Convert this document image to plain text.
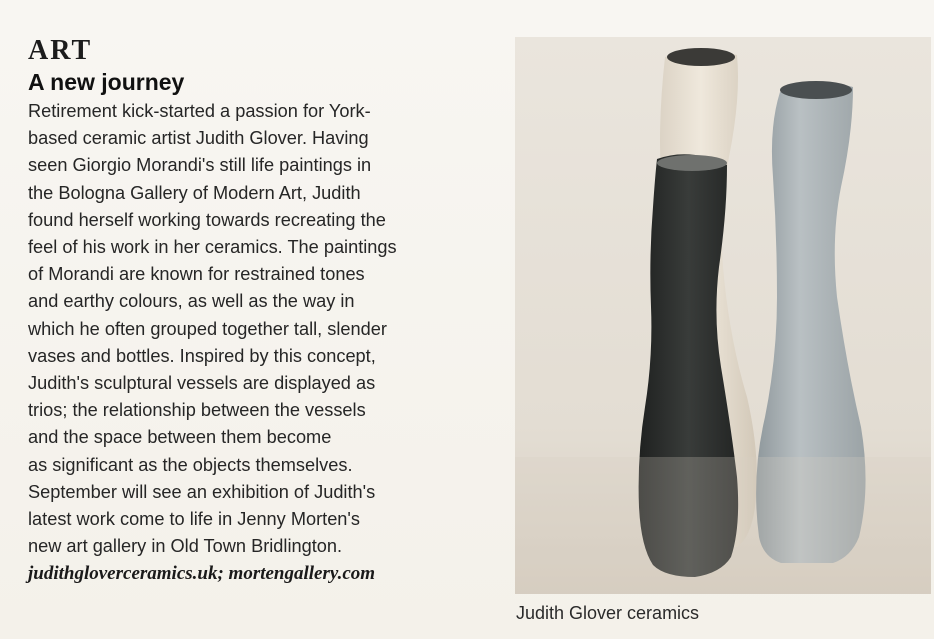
ART
A new journey
Retirement kick-started a passion for York-
based ceramic artist Judith Glover. Having
seen Giorgio Morandi's still life paintings in
the Bologna Gallery of Modern Art, Judith
found herself working towards recreating the
feel of his work in her ceramics. The paintings
of Morandi are known for restrained tones
and earthy colours, as well as the way in
which he often grouped together tall, slender
vases and bottles. Inspired by this concept,
Judith's sculptural vessels are displayed as
trios; the relationship between the vessels
and the space between them become
as significant as the objects themselves.
September will see an exhibition of Judith's
latest work come to life in Jenny Morten's
new art gallery in Old Town Bridlington.
judithgloverceramics.uk; mortengallery.com
Judith Glover ceramics
